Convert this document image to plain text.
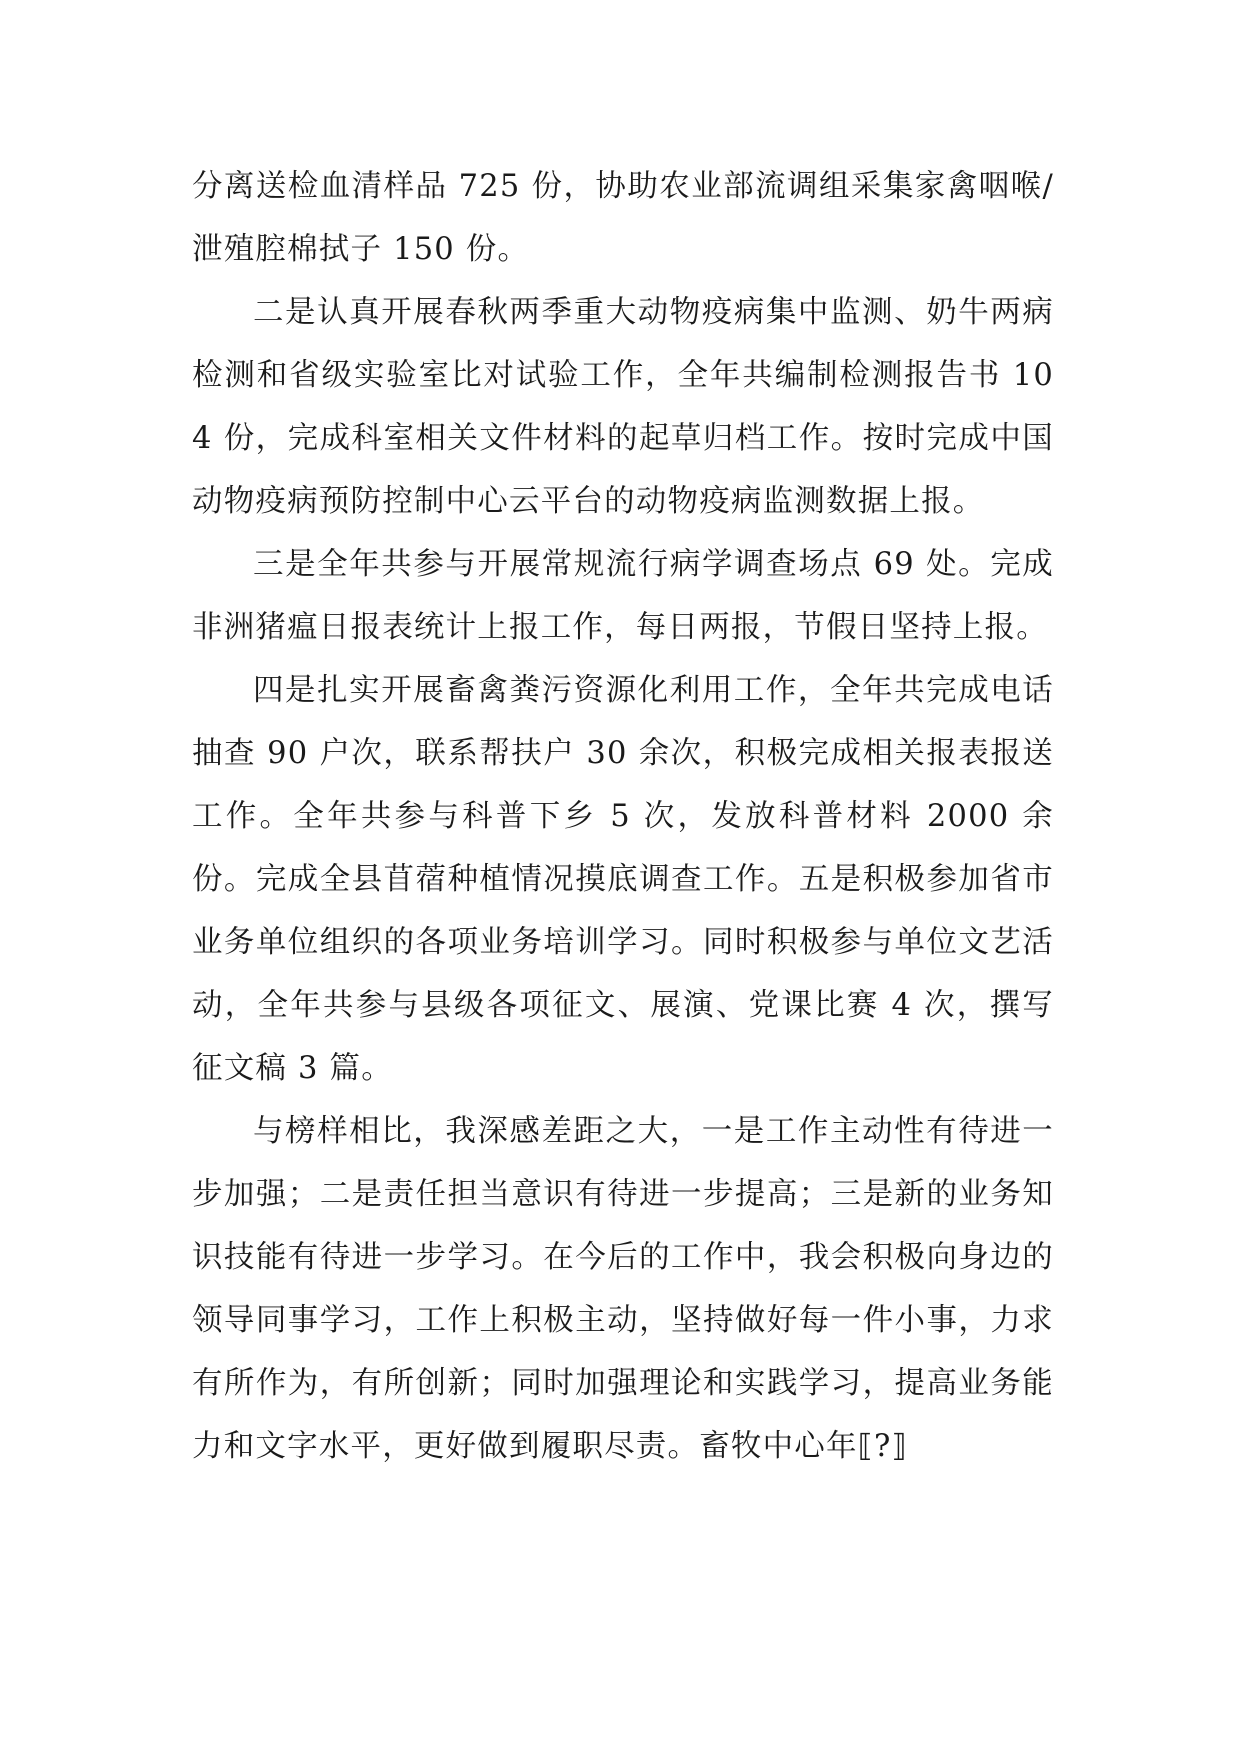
分离送检血清样品 725 份，协助农业部流调组采集家禽咽喉/泄殖腔棉拭子 150 份。

二是认真开展春秋两季重大动物疫病集中监测、奶牛两病检测和省级实验室比对试验工作，全年共编制检测报告书 104 份，完成科室相关文件材料的起草归档工作。按时完成中国动物疫病预防控制中心云平台的动物疫病监测数据上报。

三是全年共参与开展常规流行病学调查场点 69 处。完成非洲猪瘟日报表统计上报工作，每日两报，节假日坚持上报。

四是扎实开展畜禽粪污资源化利用工作，全年共完成电话抽查 90 户次，联系帮扶户 30 余次，积极完成相关报表报送工作。全年共参与科普下乡 5 次，发放科普材料 2000 余份。完成全县苜蓿种植情况摸底调查工作。五是积极参加省市业务单位组织的各项业务培训学习。同时积极参与单位文艺活动，全年共参与县级各项征文、展演、党课比赛 4 次，撰写征文稿 3 篇。

与榜样相比，我深感差距之大，一是工作主动性有待进一步加强；二是责任担当意识有待进一步提高；三是新的业务知识技能有待进一步学习。在今后的工作中，我会积极向身边的领导同事学习，工作上积极主动，坚持做好每一件小事，力求有所作为，有所创新；同时加强理论和实践学习，提高业务能力和文字水平，更好做到履职尽责。畜牧中心年⟦?⟧
